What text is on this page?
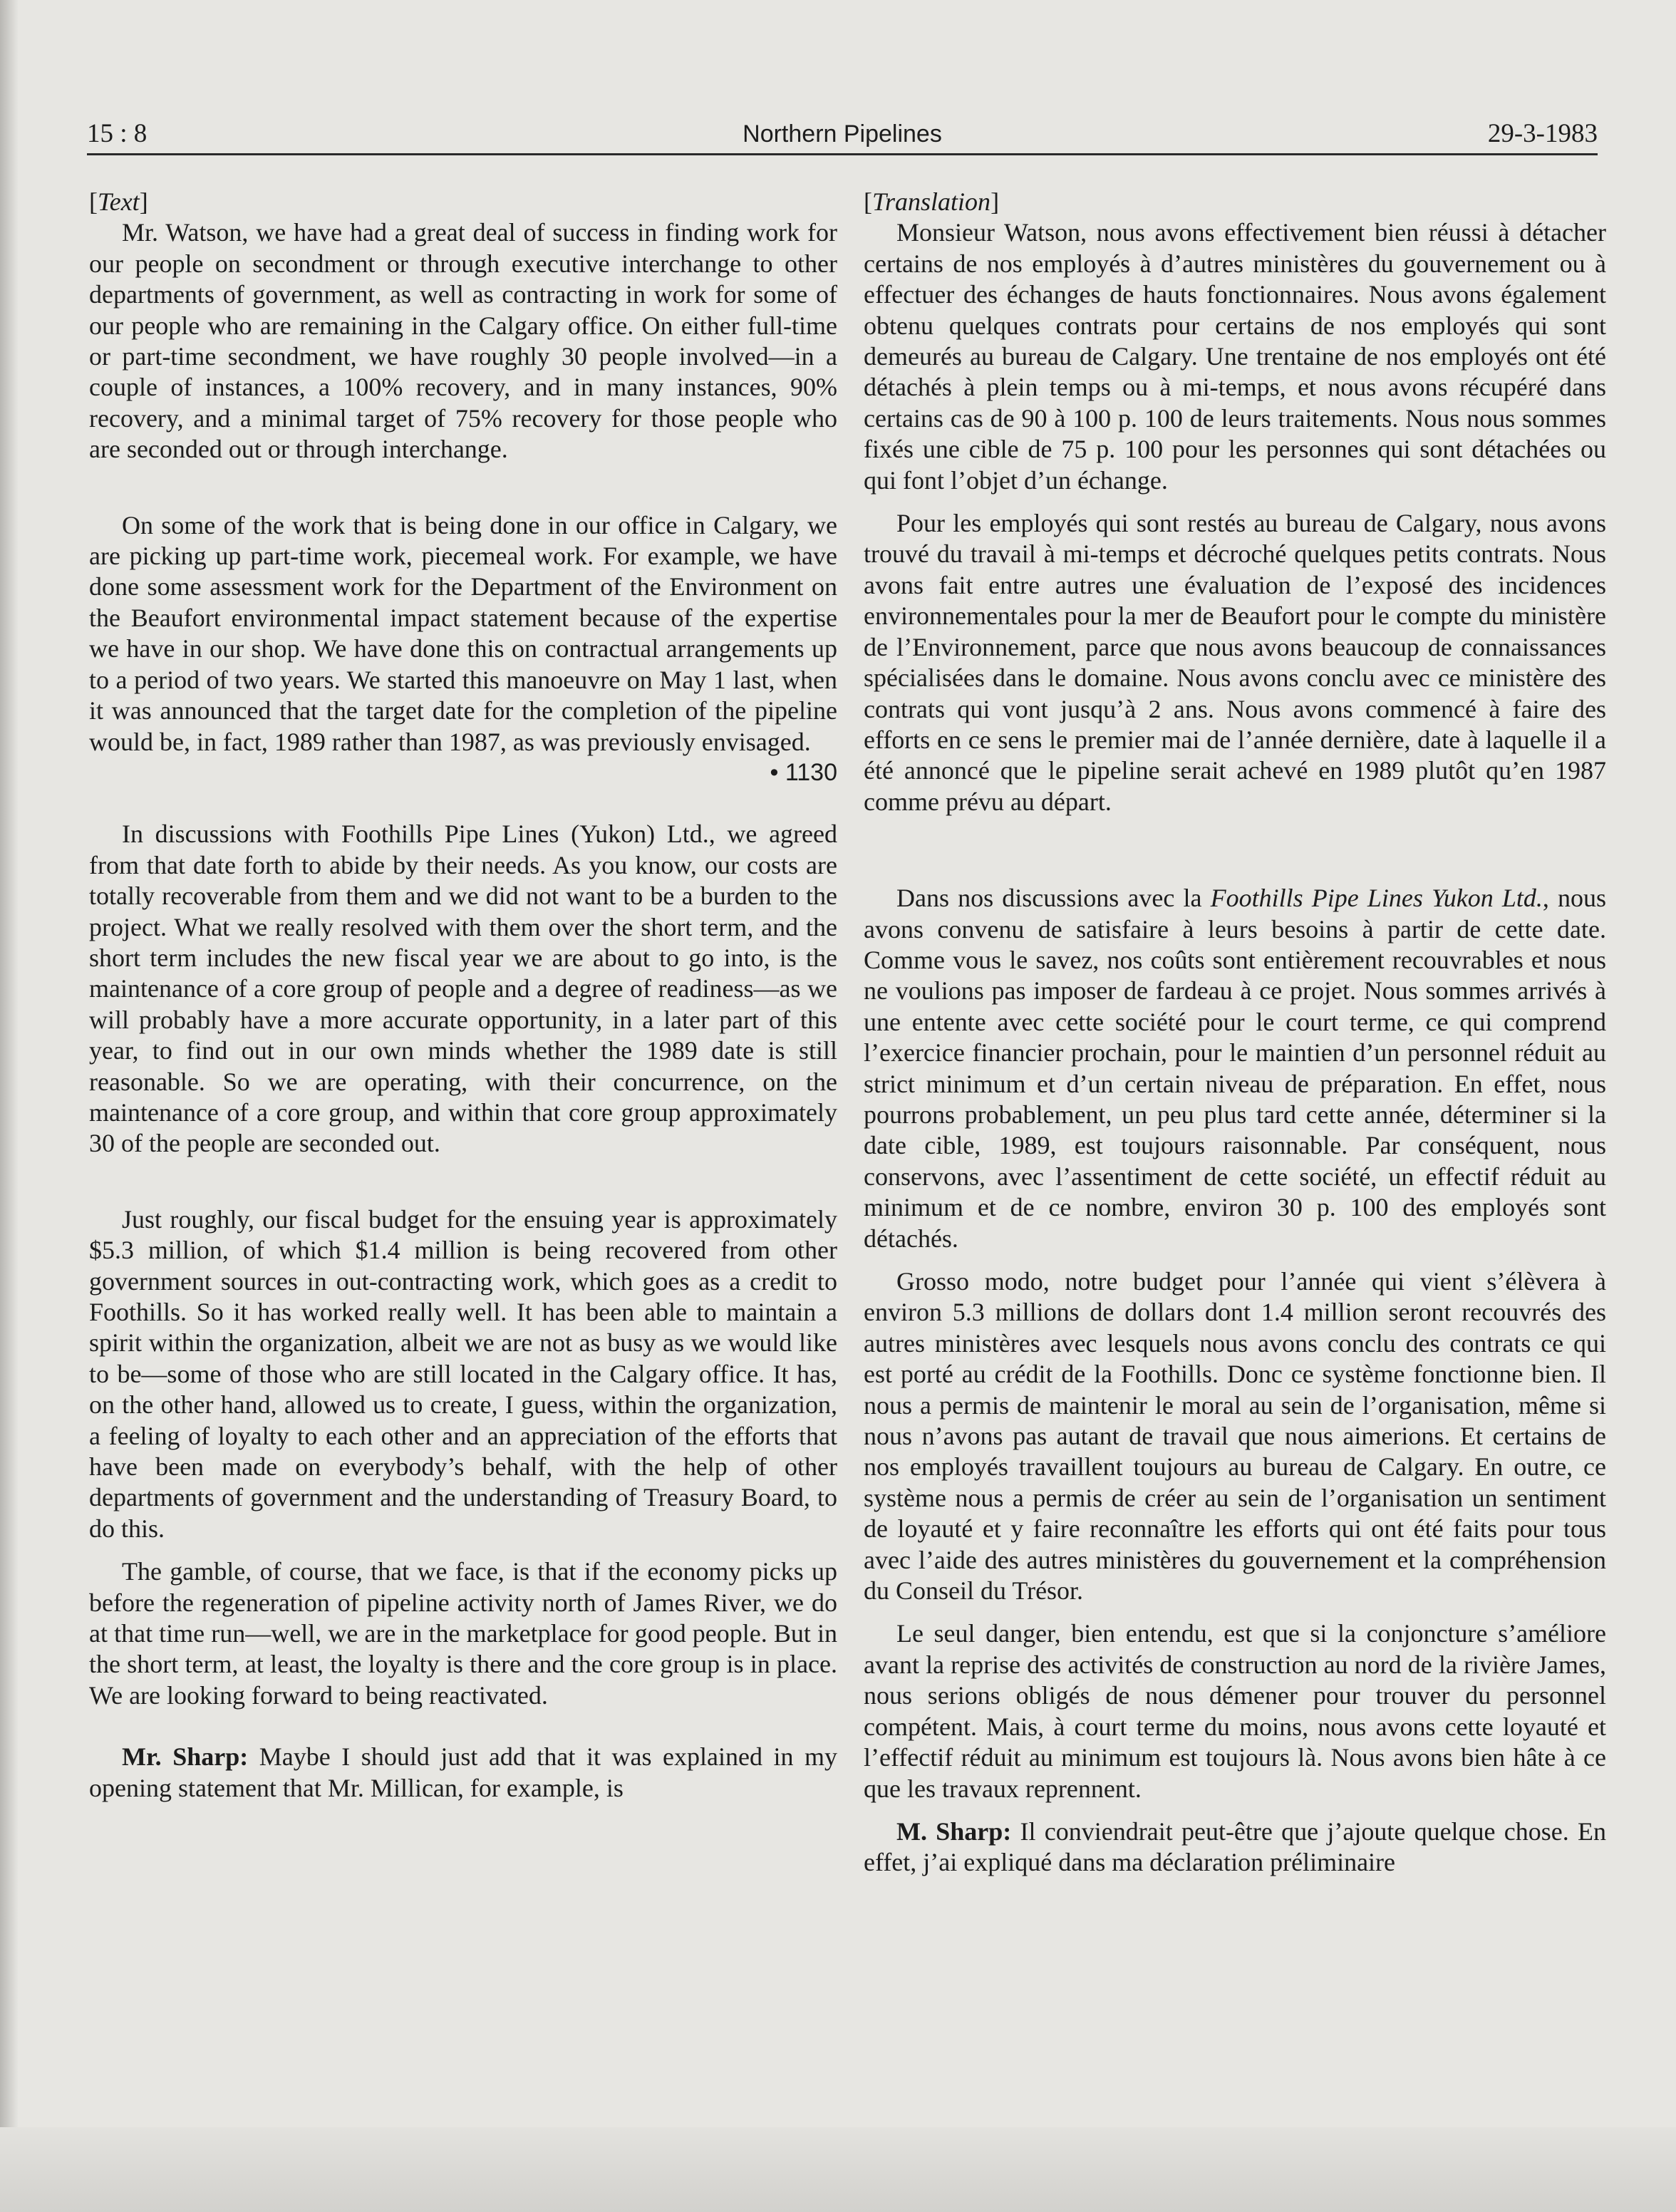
15 : 8	Northern Pipelines	29-3-1983

[Text]

Mr. Watson, we have had a great deal of success in finding work for our people on secondment or through executive interchange to other departments of government, as well as contracting in work for some of our people who are remaining in the Calgary office. On either full-time or part-time secondment, we have roughly 30 people involved—in a couple of instances, a 100% recovery, and in many instances, 90% recovery, and a minimal target of 75% recovery for those people who are seconded out or through interchange.

On some of the work that is being done in our office in Calgary, we are picking up part-time work, piecemeal work. For example, we have done some assessment work for the Department of the Environment on the Beaufort environmental impact statement because of the expertise we have in our shop. We have done this on contractual arrangements up to a period of two years. We started this manoeuvre on May 1 last, when it was announced that the target date for the completion of the pipeline would be, in fact, 1989 rather than 1987, as was previously envisaged.

• 1130

In discussions with Foothills Pipe Lines (Yukon) Ltd., we agreed from that date forth to abide by their needs. As you know, our costs are totally recoverable from them and we did not want to be a burden to the project. What we really resolved with them over the short term, and the short term includes the new fiscal year we are about to go into, is the maintenance of a core group of people and a degree of readiness—as we will probably have a more accurate opportunity, in a later part of this year, to find out in our own minds whether the 1989 date is still reasonable. So we are operating, with their concurrence, on the maintenance of a core group, and within that core group approximately 30 of the people are seconded out.

Just roughly, our fiscal budget for the ensuing year is approximately $5.3 million, of which $1.4 million is being recovered from other government sources in out-contracting work, which goes as a credit to Foothills. So it has worked really well. It has been able to maintain a spirit within the organization, albeit we are not as busy as we would like to be—some of those who are still located in the Calgary office. It has, on the other hand, allowed us to create, I guess, within the organization, a feeling of loyalty to each other and an appreciation of the efforts that have been made on everybody’s behalf, with the help of other departments of government and the understanding of Treasury Board, to do this.

The gamble, of course, that we face, is that if the economy picks up before the regeneration of pipeline activity north of James River, we do at that time run—well, we are in the marketplace for good people. But in the short term, at least, the loyalty is there and the core group is in place. We are looking forward to being reactivated.

Mr. Sharp: Maybe I should just add that it was explained in my opening statement that Mr. Millican, for example, is

[Translation]

Monsieur Watson, nous avons effectivement bien réussi à détacher certains de nos employés à d’autres ministères du gouvernement ou à effectuer des échanges de hauts fonctionnaires. Nous avons également obtenu quelques contrats pour certains de nos employés qui sont demeurés au bureau de Calgary. Une trentaine de nos employés ont été détachés à plein temps ou à mi-temps, et nous avons récupéré dans certains cas de 90 à 100 p. 100 de leurs traitements. Nous nous sommes fixés une cible de 75 p. 100 pour les personnes qui sont détachées ou qui font l’objet d’un échange.

Pour les employés qui sont restés au bureau de Calgary, nous avons trouvé du travail à mi-temps et décroché quelques petits contrats. Nous avons fait entre autres une évaluation de l’exposé des incidences environnementales pour la mer de Beaufort pour le compte du ministère de l’Environnement, parce que nous avons beaucoup de connaissances spécialisées dans le domaine. Nous avons conclu avec ce ministère des contrats qui vont jusqu’à 2 ans. Nous avons commencé à faire des efforts en ce sens le premier mai de l’année dernière, date à laquelle il a été annoncé que le pipeline serait achevé en 1989 plutôt qu’en 1987 comme prévu au départ.

Dans nos discussions avec la Foothills Pipe Lines Yukon Ltd., nous avons convenu de satisfaire à leurs besoins à partir de cette date. Comme vous le savez, nos coûts sont entièrement recouvrables et nous ne voulions pas imposer de fardeau à ce projet. Nous sommes arrivés à une entente avec cette société pour le court terme, ce qui comprend l’exercice financier prochain, pour le maintien d’un personnel réduit au strict minimum et d’un certain niveau de préparation. En effet, nous pourrons probablement, un peu plus tard cette année, déterminer si la date cible, 1989, est toujours raisonnable. Par conséquent, nous conservons, avec l’assentiment de cette société, un effectif réduit au minimum et de ce nombre, environ 30 p. 100 des employés sont détachés.

Grosso modo, notre budget pour l’année qui vient s’élèvera à environ 5.3 millions de dollars dont 1.4 million seront recouvrés des autres ministères avec lesquels nous avons conclu des contrats ce qui est porté au crédit de la Foothills. Donc ce système fonctionne bien. Il nous a permis de maintenir le moral au sein de l’organisation, même si nous n’avons pas autant de travail que nous aimerions. Et certains de nos employés travaillent toujours au bureau de Calgary. En outre, ce système nous a permis de créer au sein de l’organisation un sentiment de loyauté et y faire reconnaître les efforts qui ont été faits pour tous avec l’aide des autres ministères du gouvernement et la compréhension du Conseil du Trésor.

Le seul danger, bien entendu, est que si la conjoncture s’améliore avant la reprise des activités de construction au nord de la rivière James, nous serions obligés de nous démener pour trouver du personnel compétent. Mais, à court terme du moins, nous avons cette loyauté et l’effectif réduit au minimum est toujours là. Nous avons bien hâte à ce que les travaux reprennent.

M. Sharp: Il conviendrait peut-être que j’ajoute quelque chose. En effet, j’ai expliqué dans ma déclaration préliminaire
